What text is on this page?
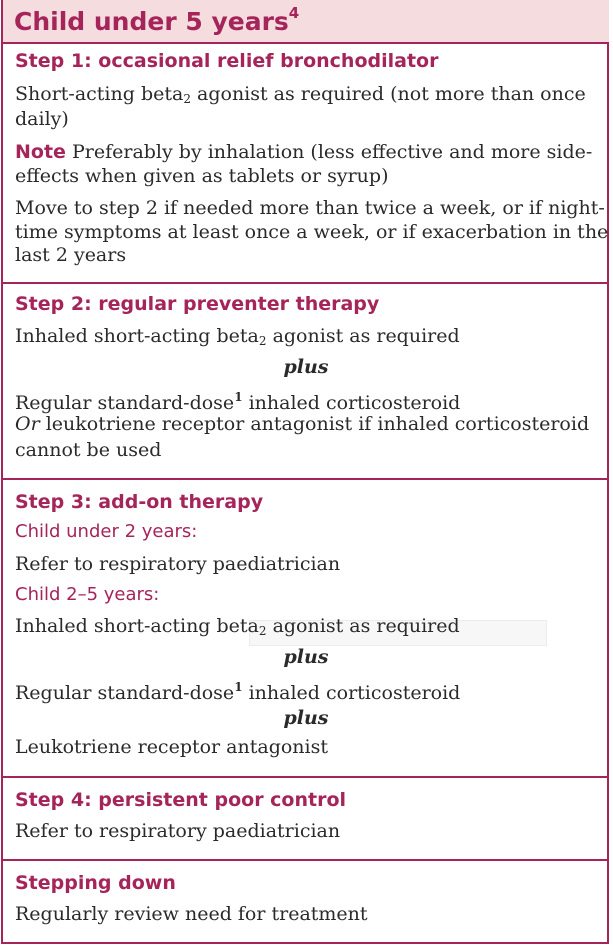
Child under 5 years$^4$
Step 1: occasional relief bronchodilator
Short-acting beta$_2$ agonist as required (not more than once
daily)
Note Preferably by inhalation (less effective and more side-
effects when given as tablets or syrup)
Move to step 2 if needed more than twice a week, or if night-
time symptoms at least once a week, or if exacerbation in the
last 2 years
Step 2: regular preventer therapy
Inhaled short-acting beta$_2$ agonist as required
plus
Regular standard-dose$^1$ inhaled corticosteroid
Or leukotriene receptor antagonist if inhaled corticosteroid
cannot be used
Step 3: add-on therapy
Child under 2 years:
Refer to respiratory paediatrician
Child 2–5 years:
Inhaled short-acting beta$_2$ agonist as required
plus
Regular standard-dose$^1$ inhaled corticosteroid
plus
Leukotriene receptor antagonist
Step 4: persistent poor control
Refer to respiratory paediatrician
Stepping down
Regularly review need for treatment
